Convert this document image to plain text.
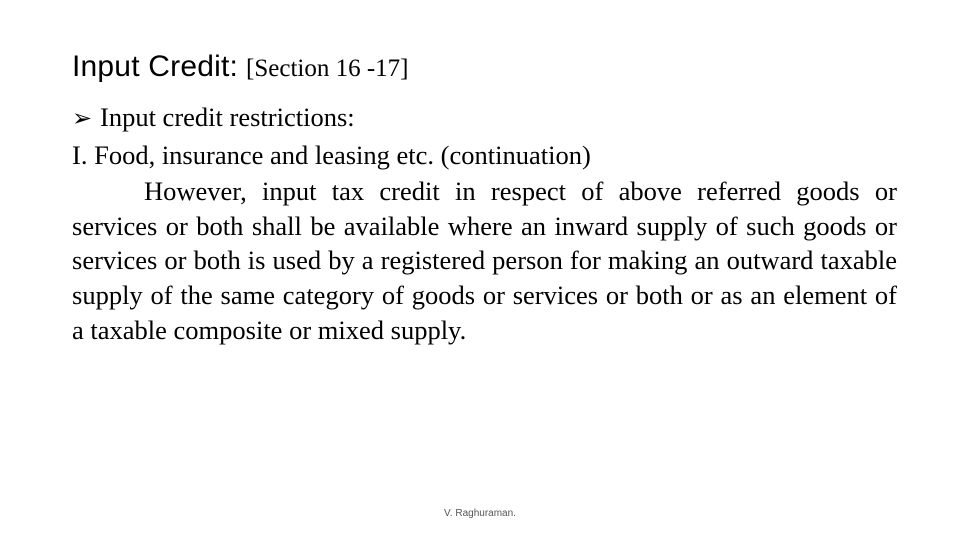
Input Credit: [Section 16 -17]
➢ Input credit restrictions:
I. Food, insurance and leasing etc. (continuation)

However, input tax credit in respect of above referred goods or services or both shall be available where an inward supply of such goods or services or both is used by a registered person for making an outward taxable supply of the same category of goods or services or both or as an element of a taxable composite or mixed supply.

V. Raghuraman.
